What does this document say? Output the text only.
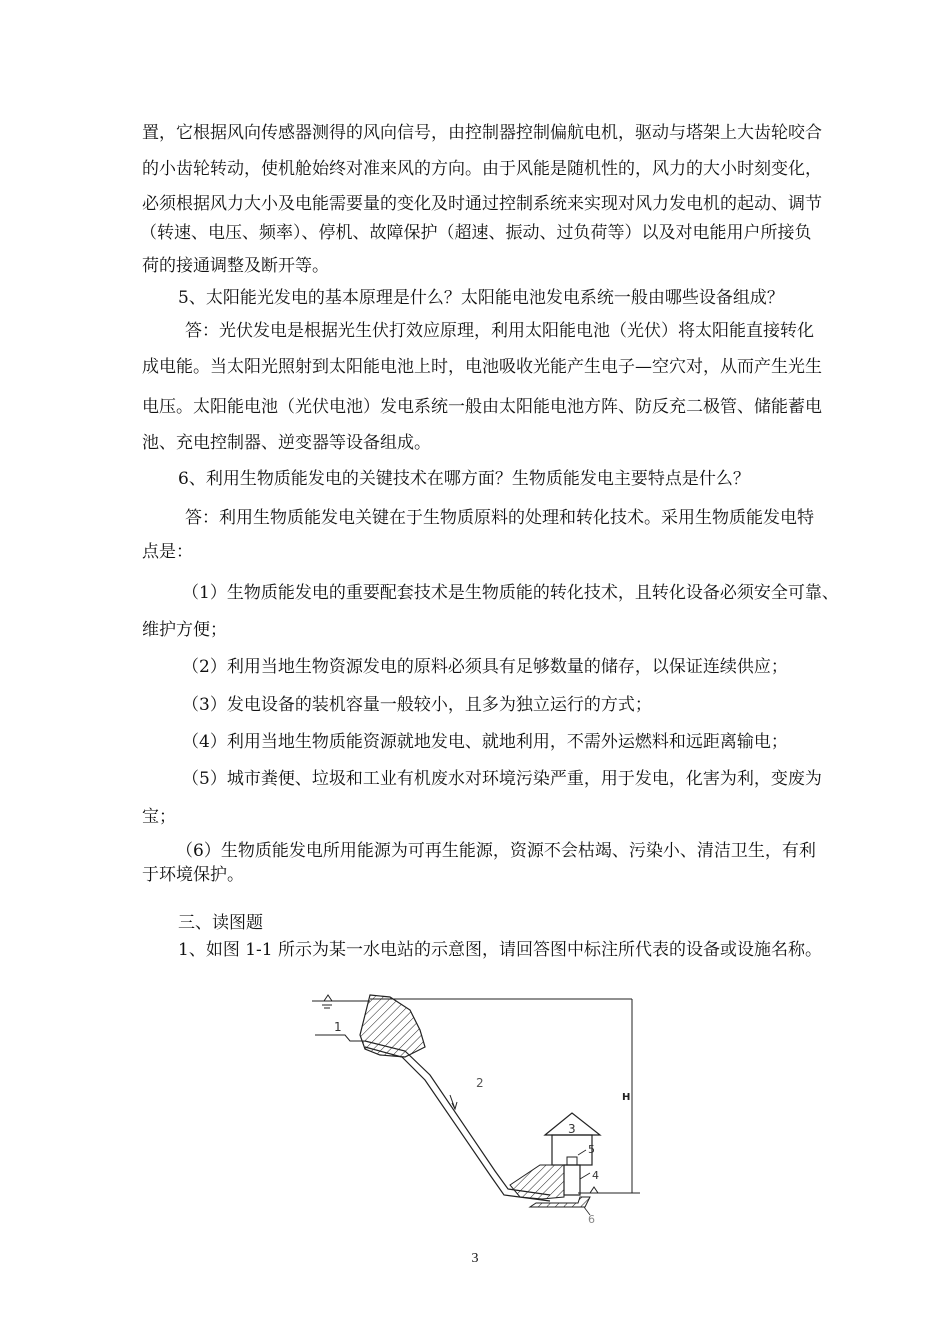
置，它根据风向传感器测得的风向信号，由控制器控制偏航电机，驱动与塔架上大齿轮咬合
的小齿轮转动，使机舱始终对准来风的方向。由于风能是随机性的，风力的大小时刻变化，
必须根据风力大小及电能需要量的变化及时通过控制系统来实现对风力发电机的起动、调节
（转速、电压、频率）、停机、故障保护（超速、振动、过负荷等）以及对电能用户所接负
荷的接通调整及断开等。
5、太阳能光发电的基本原理是什么？太阳能电池发电系统一般由哪些设备组成？
答：光伏发电是根据光生伏打效应原理，利用太阳能电池（光伏）将太阳能直接转化
成电能。当太阳光照射到太阳能电池上时，电池吸收光能产生电子—空穴对，从而产生光生
电压。太阳能电池（光伏电池）发电系统一般由太阳能电池方阵、防反充二极管、储能蓄电
池、充电控制器、逆变器等设备组成。
6、利用生物质能发电的关键技术在哪方面？生物质能发电主要特点是什么？
答：利用生物质能发电关键在于生物质原料的处理和转化技术。采用生物质能发电特
点是：
（1）生物质能发电的重要配套技术是生物质能的转化技术，且转化设备必须安全可靠、
维护方便；
（2）利用当地生物资源发电的原料必须具有足够数量的储存，以保证连续供应；
（3）发电设备的装机容量一般较小，且多为独立运行的方式；
（4）利用当地生物质能资源就地发电、就地利用，不需外运燃料和远距离输电；
（5）城市粪便、垃圾和工业有机废水对环境污染严重，用于发电，化害为利，变废为
宝；
（6）生物质能发电所用能源为可再生能源，资源不会枯竭、污染小、清洁卫生，有利
于环境保护。
三、读图题
1、如图 1-1 所示为某一水电站的示意图，请回答图中标注所代表的设备或设施名称。
1
2
3
4
5
6
H
3
